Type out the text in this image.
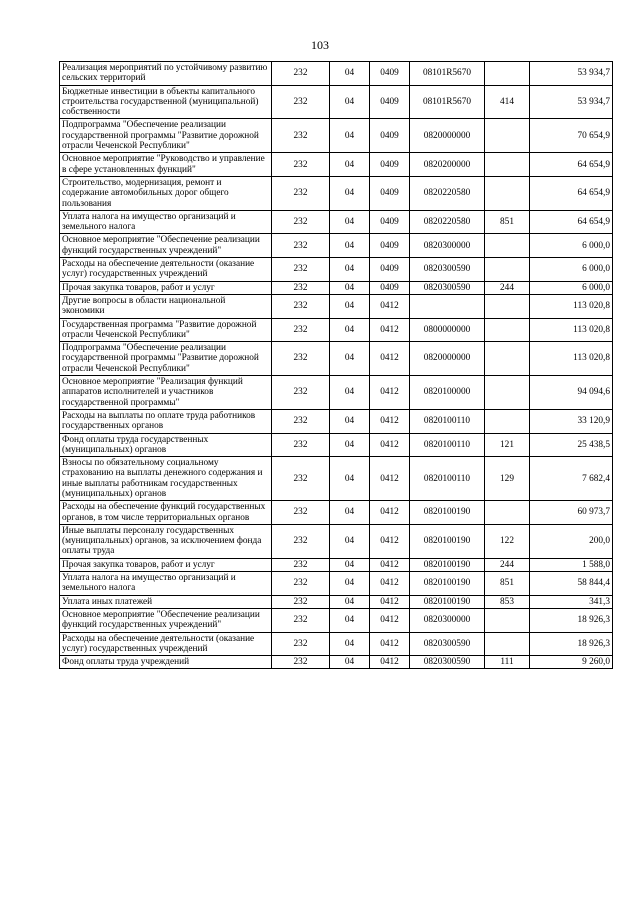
103
Реализация мероприятий по устойчивому развитию сельских территорий	232	04	0409	08101R5670		53 934,7
Бюджетные инвестиции в объекты капитального строительства государственной (муниципальной) собственности	232	04	0409	08101R5670	414	53 934,7
Подпрограмма "Обеспечение реализации государственной программы "Развитие дорожной отрасли Чеченской Республики"	232	04	0409	0820000000		70 654,9
Основное мероприятие "Руководство и управление в сфере установленных функций"	232	04	0409	0820200000		64 654,9
Строительство, модернизация, ремонт и содержание автомобильных дорог общего пользования	232	04	0409	0820220580		64 654,9
Уплата налога на имущество организаций и земельного налога	232	04	0409	0820220580	851	64 654,9
Основное мероприятие "Обеспечение реализации функций государственных учреждений"	232	04	0409	0820300000		6 000,0
Расходы на обеспечение деятельности (оказание услуг) государственных учреждений	232	04	0409	0820300590		6 000,0
Прочая закупка товаров, работ и услуг	232	04	0409	0820300590	244	6 000,0
Другие вопросы в области национальной экономики	232	04	0412			113 020,8
Государственная программа "Развитие дорожной отрасли Чеченской Республики"	232	04	0412	0800000000		113 020,8
Подпрограмма "Обеспечение реализации государственной программы "Развитие дорожной отрасли Чеченской Республики"	232	04	0412	0820000000		113 020,8
Основное мероприятие "Реализация функций аппаратов исполнителей и участников государственной программы"	232	04	0412	0820100000		94 094,6
Расходы на выплаты по оплате труда работников государственных органов	232	04	0412	0820100110		33 120,9
Фонд оплаты труда государственных (муниципальных) органов	232	04	0412	0820100110	121	25 438,5
Взносы по обязательному социальному страхованию на выплаты денежного содержания и иные выплаты работникам государственных (муниципальных) органов	232	04	0412	0820100110	129	7 682,4
Расходы на обеспечение функций государственных органов, в том числе территориальных органов	232	04	0412	0820100190		60 973,7
Иные выплаты персоналу государственных (муниципальных) органов, за исключением фонда оплаты труда	232	04	0412	0820100190	122	200,0
Прочая закупка товаров, работ и услуг	232	04	0412	0820100190	244	1 588,0
Уплата налога на имущество организаций и земельного налога	232	04	0412	0820100190	851	58 844,4
Уплата иных платежей	232	04	0412	0820100190	853	341,3
Основное мероприятие "Обеспечение реализации функций государственных учреждений"	232	04	0412	0820300000		18 926,3
Расходы на обеспечение деятельности (оказание услуг) государственных учреждений	232	04	0412	0820300590		18 926,3
Фонд оплаты труда учреждений	232	04	0412	0820300590	111	9 260,0
